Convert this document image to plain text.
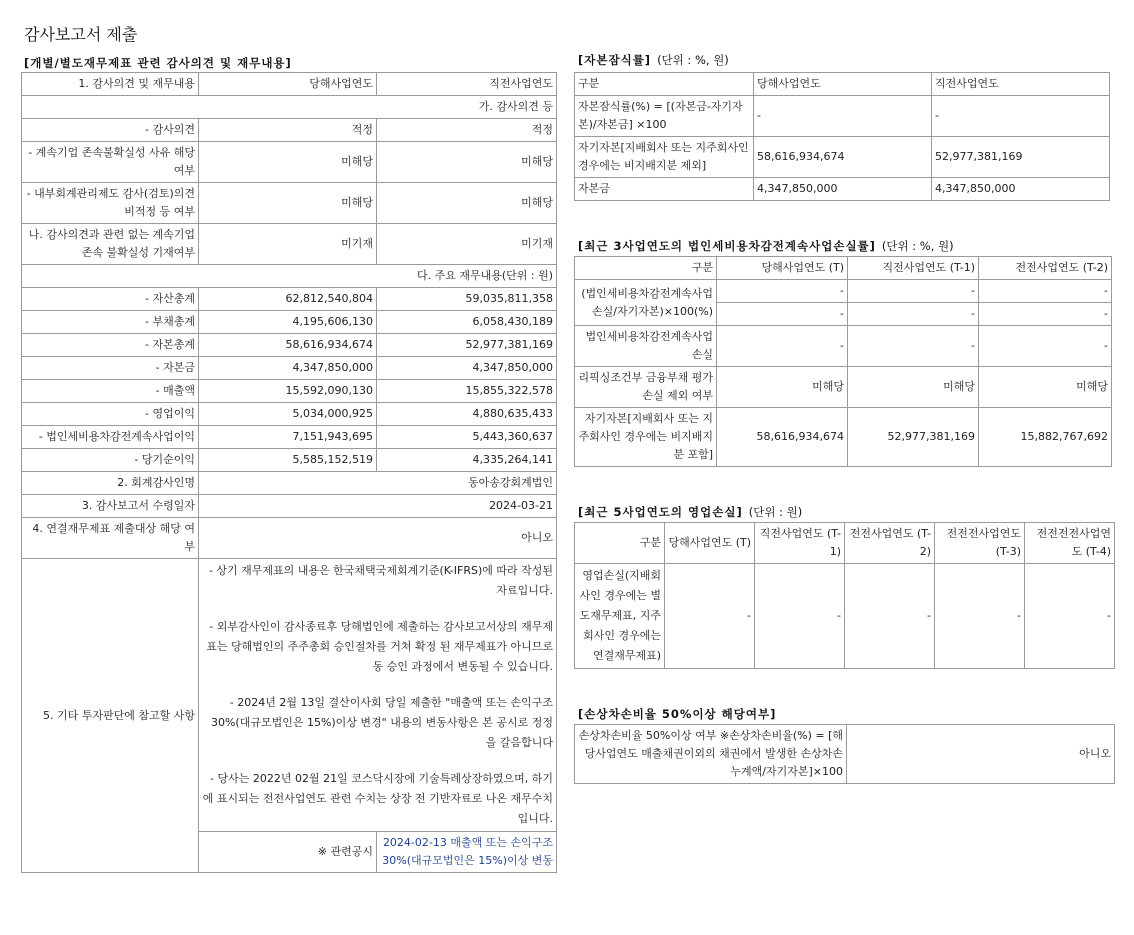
감사보고서 제출
[개별/별도재무제표 관련 감사의견 및 재무내용]
1. 감사의견 및 재무내용	당해사업연도	직전사업연도
가. 감사의견 등		
- 감사의견	적정	적정
- 계속기업 존속불확실성 사유 해당여부	미해당	미해당
- 내부회계관리제도 감사(검토)의견 비적정 등 여부	미해당	미해당
나. 감사의견과 관련 없는 계속기업 존속 불확실성 기재여부	미기재	미기재
다. 주요 재무내용(단위 : 원)		
- 자산총계	62,812,540,804	59,035,811,358
- 부채총계	4,195,606,130	6,058,430,189
- 자본총계	58,616,934,674	52,977,381,169
- 자본금	4,347,850,000	4,347,850,000
- 매출액	15,592,090,130	15,855,322,578
- 영업이익	5,034,000,925	4,880,635,433
- 법인세비용차감전계속사업이익	7,151,943,695	5,443,360,637
- 당기순이익	5,585,152,519	4,335,264,141
2. 회계감사인명	동아송강회계법인	
3. 감사보고서 수령일자	2024-03-21	
4. 연결재무제표 제출대상 해당 여부	아니오	
5. 기타 투자판단에 참고할 사항	- 상기 재무제표의 내용은 한국채택국제회계기준(K-IFRS)에 따라 작성된 자료입니다.

- 외부감사인이 감사종료후 당해법인에 제출하는 감사보고서상의 재무제표는 당해법인의 주주총회 승인절차를 거쳐 확정 된 재무제표가 아니므로 동 승인 과정에서 변동될 수 있습니다.

- 2024년 2월 13일 결산이사회 당일 제출한 "매출액 또는 손익구조 30%(대규모법인은 15%)이상 변경" 내용의 변동사항은 본 공시로 정정을 갈음합니다

- 당사는 2022년 02월 21일 코스닥시장에 기술특례상장하였으며, 하기에 표시되는 전전사업연도 관련 수치는 상장 전 기반자료로 나온 재무수치입니다.	

	※ 관련공시	2024-02-13 매출액 또는 손익구조 30%(대규모법인은 15%)이상 변동
[자본잠식률] (단위 : %, 원)
구분	당해사업연도	직전사업연도
자본잠식률(%) = [(자본금-자기자본)/자본금] ×100	-	-
자기자본[지배회사 또는 지주회사인 경우에는 비지배지분 제외]	58,616,934,674	52,977,381,169
자본금	4,347,850,000	4,347,850,000
[최근 3사업연도의 법인세비용차감전계속사업손실률] (단위 : %, 원)
구분	당해사업연도 (T)	직전사업연도 (T-1)	전전사업연도 (T-2)
(법인세비용차감전계속사업손실/자기자본)×100(%)	-	-	-
	-	-	-
법인세비용차감전계속사업손실	-	-	-
리픽싱조건부 금융부채 평가손실 제외 여부	미해당	미해당	미해당
자기자본[지배회사 또는 지주회사인 경우에는 비지배지분 포함]	58,616,934,674	52,977,381,169	15,882,767,692
[최근 5사업연도의 영업손실] (단위 : 원)
구분	당해사업연도 (T)	직전사업연도 (T-1)	전전사업연도 (T-2)	전전전사업연도 (T-3)	전전전전사업연도 (T-4)
영업손실(지배회사인 경우에는 별도재무제표, 지주회사인 경우에는 연결재무제표)	-	-	-	-	-
[손상차손비율 50%이상 해당여부]
손상차손비율 50%이상 여부 ※손상차손비율(%) = [해당사업연도 매출채권이외의 채권에서 발생한 손상차손 누계액/자기자본]×100	아니오
